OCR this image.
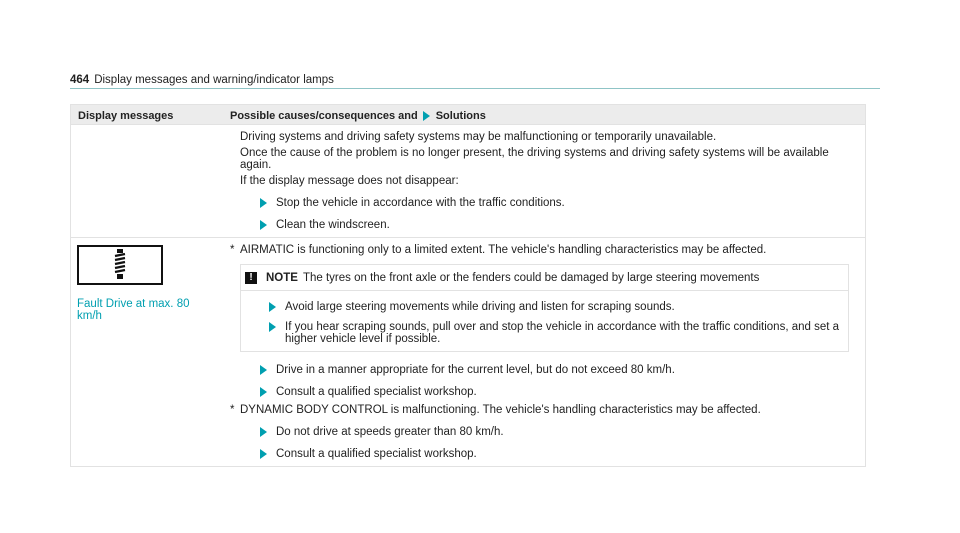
464 Display messages and warning/indicator lamps
Display messages	Possible causes/consequences and Solutions

Driving systems and driving safety systems may be malfunctioning or temporarily unavailable.

Once the cause of the problem is no longer present, the driving systems and driving safety systems will be available again.

If the display message does not disappear:

Stop the vehicle in accordance with the traffic conditions.
Clean the windscreen.
Fault Drive at max. 80 km/h
* AIRMATIC is functioning only to a limited extent. The vehicle's handling characteristics may be affected.
!	NOTE The tyres on the front axle or the fenders could be damaged by large steering movements
Avoid large steering movements while driving and listen for scraping sounds.
If you hear scraping sounds, pull over and stop the vehicle in accordance with the traffic conditions, and set a higher vehicle level if possible.
Drive in a manner appropriate for the current level, but do not exceed 80 km/h.
Consult a qualified specialist workshop.
* DYNAMIC BODY CONTROL is malfunctioning. The vehicle's handling characteristics may be affected.
Do not drive at speeds greater than 80 km/h.
Consult a qualified specialist workshop.
